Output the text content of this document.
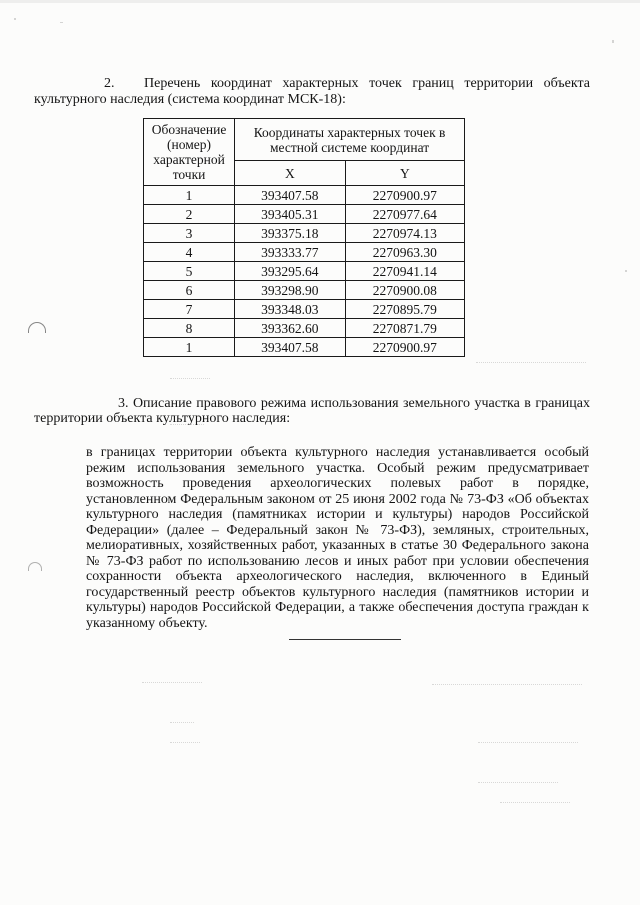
2. Перечень координат характерных точек границ территории объекта культурного наследия (система координат МСК-18):
Обозначение (номер) характерной точки	Координаты характерных точек в местной системе координат	
	X	Y
1	393407.58	2270900.97
2	393405.31	2270977.64
3	393375.18	2270974.13
4	393333.77	2270963.30
5	393295.64	2270941.14
6	393298.90	2270900.08
7	393348.03	2270895.79
8	393362.60	2270871.79
1	393407.58	2270900.97
3. Описание правового режима использования земельного участка в границах территории объекта культурного наследия:
в границах территории объекта культурного наследия устанавливается особый режим использования земельного участка. Особый режим предусматривает возможность проведения археологических полевых работ в порядке, установленном Федеральным законом от 25 июня 2002 года № 73-ФЗ «Об объектах культурного наследия (памятниках истории и культуры) народов Российской Федерации» (далее – Федеральный закон № 73-ФЗ), земляных, строительных, мелиоративных, хозяйственных работ, указанных в статье 30 Федерального закона № 73-ФЗ работ по использованию лесов и иных работ при условии обеспечения сохранности объекта археологического наследия, включенного в Единый государственный реестр объектов культурного наследия (памятников истории и культуры) народов Российской Федерации, а также обеспечения доступа граждан к указанному объекту.
